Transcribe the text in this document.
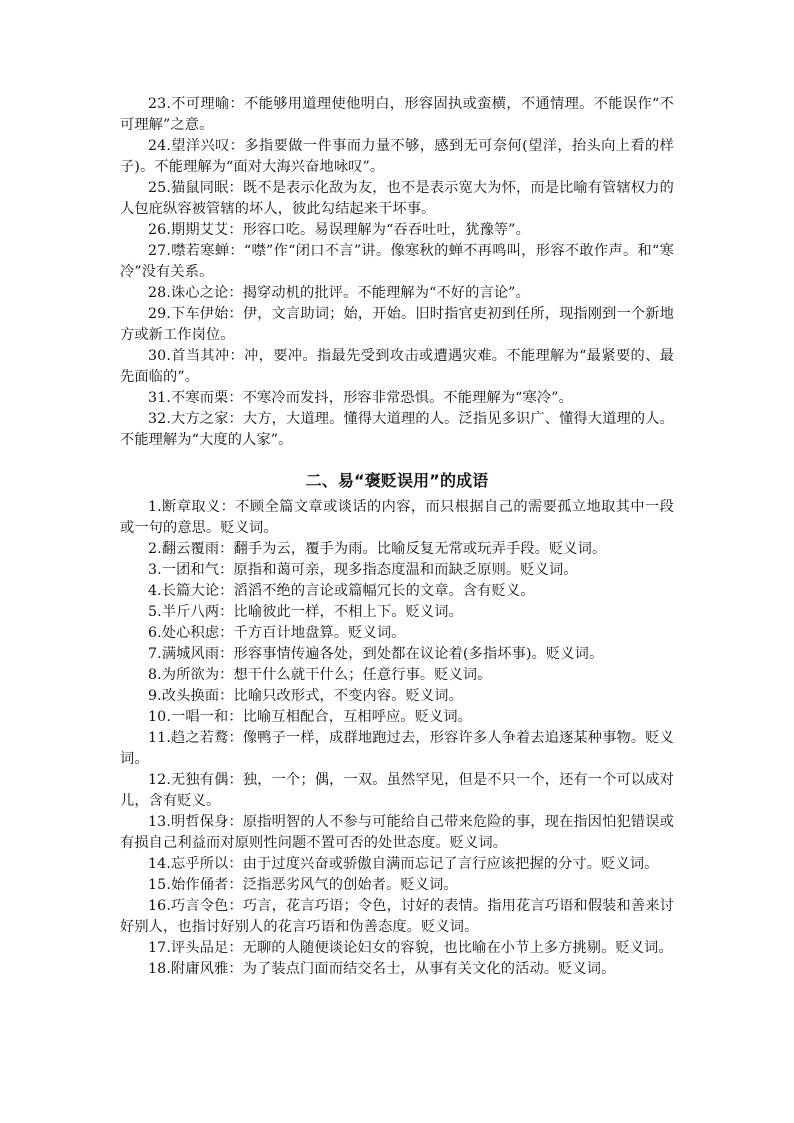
23.不可理喻：不能够用道理使他明白，形容固执或蛮横，不通情理。不能误作“不可理解”之意。

24.望洋兴叹：多指要做一件事而力量不够，感到无可奈何(望洋，抬头向上看的样子)。不能理解为“面对大海兴奋地咏叹”。

25.猫鼠同眠：既不是表示化敌为友，也不是表示宽大为怀，而是比喻有管辖权力的人包庇纵容被管辖的坏人，彼此勾结起来干坏事。

26.期期艾艾：形容口吃。易误理解为“吞吞吐吐，犹豫等”。

27.噤若寒蝉：“噤”作“闭口不言”讲。像寒秋的蝉不再鸣叫，形容不敢作声。和“寒冷”没有关系。

28.诛心之论：揭穿动机的批评。不能理解为“不好的言论”。

29.下车伊始：伊，文言助词；始，开始。旧时指官吏初到任所，现指刚到一个新地方或新工作岗位。

30.首当其冲：冲，要冲。指最先受到攻击或遭遇灾难。不能理解为“最紧要的、最先面临的”。

31.不寒而栗：不寒冷而发抖，形容非常恐惧。不能理解为“寒冷”。

32.大方之家：大方，大道理。懂得大道理的人。泛指见多识广、懂得大道理的人。不能理解为“大度的人家”。

二、易“褒贬误用”的成语

1.断章取义：不顾全篇文章或谈话的内容，而只根据自己的需要孤立地取其中一段或一句的意思。贬义词。

2.翻云覆雨：翻手为云，覆手为雨。比喻反复无常或玩弄手段。贬义词。

3.一团和气：原指和蔼可亲，现多指态度温和而缺乏原则。贬义词。

4.长篇大论：滔滔不绝的言论或篇幅冗长的文章。含有贬义。

5.半斤八两：比喻彼此一样，不相上下。贬义词。

6.处心积虑：千方百计地盘算。贬义词。

7.满城风雨：形容事情传遍各处，到处都在议论着(多指坏事)。贬义词。

8.为所欲为：想干什么就干什么；任意行事。贬义词。

9.改头换面：比喻只改形式，不变内容。贬义词。

10.一唱一和：比喻互相配合，互相呼应。贬义词。

11.趋之若鹜：像鸭子一样，成群地跑过去，形容许多人争着去追逐某种事物。贬义词。

12.无独有偶：独，一个；偶，一双。虽然罕见，但是不只一个，还有一个可以成对儿，含有贬义。

13.明哲保身：原指明智的人不参与可能给自己带来危险的事，现在指因怕犯错误或有损自己利益而对原则性问题不置可否的处世态度。贬义词。

14.忘乎所以：由于过度兴奋或骄傲自满而忘记了言行应该把握的分寸。贬义词。

15.始作俑者：泛指恶劣风气的创始者。贬义词。

16.巧言令色：巧言，花言巧语；令色，讨好的表情。指用花言巧语和假装和善来讨好别人，也指讨好别人的花言巧语和伪善态度。贬义词。

17.评头品足：无聊的人随便谈论妇女的容貌，也比喻在小节上多方挑剔。贬义词。

18.附庸风雅：为了装点门面而结交名士，从事有关文化的活动。贬义词。
